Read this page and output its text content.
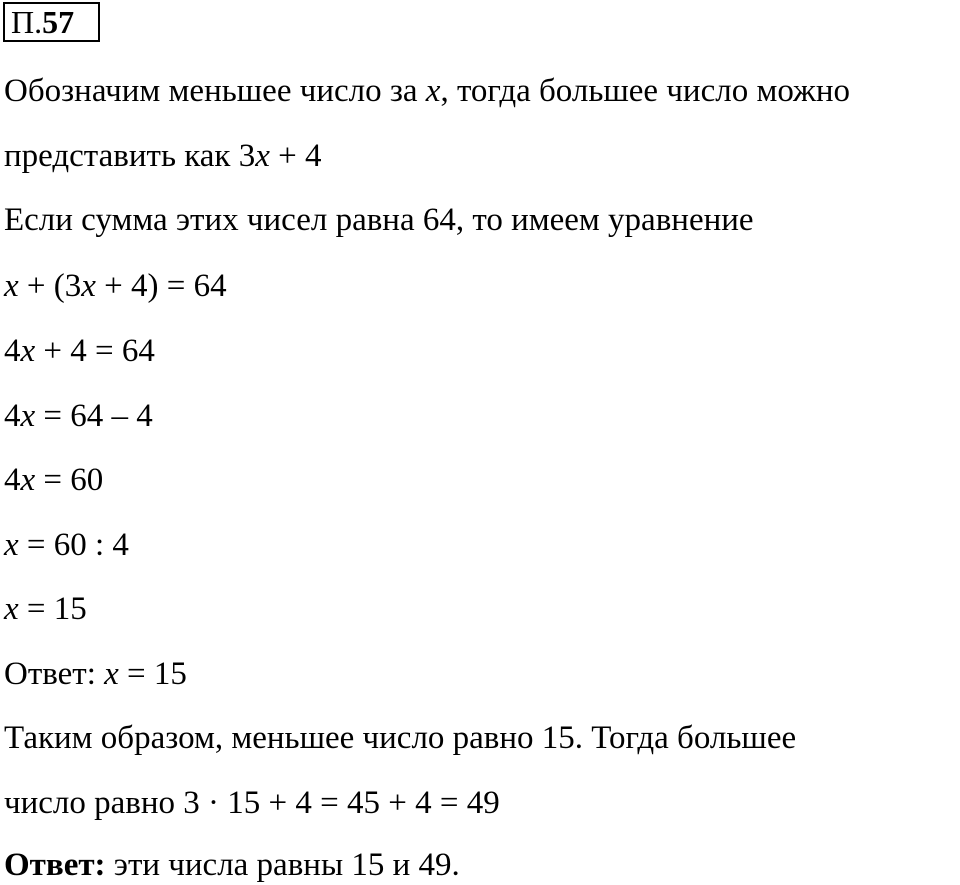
П.57
Обозначим меньшее число за x, тогда большее число можно
представить как 3x + 4
Если сумма этих чисел равна 64, то имеем уравнение
x + (3x + 4) = 64
4x + 4 = 64
4x = 64 – 4
4x = 60
x = 60 : 4
x = 15
Ответ: x = 15
Таким образом, меньшее число равно 15. Тогда большее
число равно 3 · 15 + 4 = 45 + 4 = 49
Ответ: эти числа равны 15 и 49.
